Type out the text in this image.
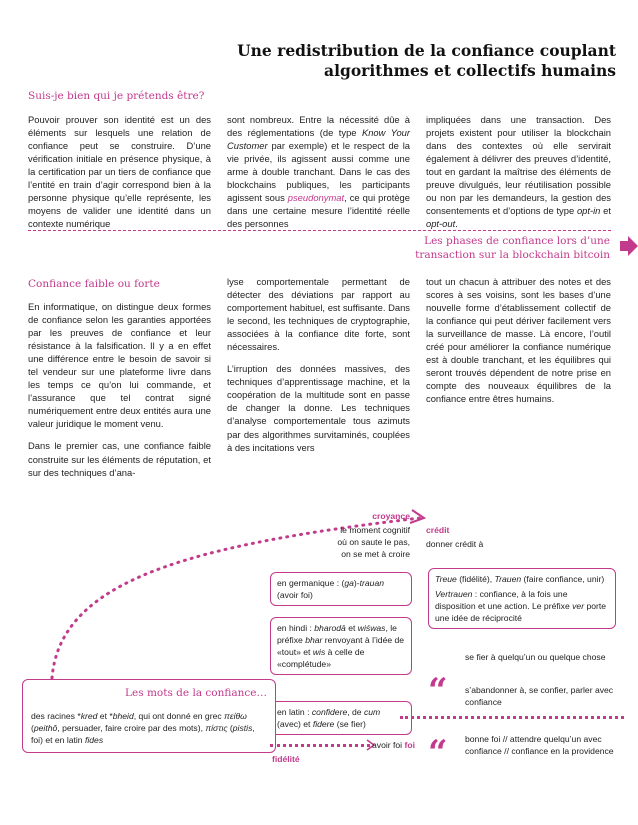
Une redistribution de la confiance couplant
algorithmes et collectifs humains
Suis-je bien qui je prétends être?
Pouvoir prouver son identité est un des éléments sur lesquels une relation de confiance peut se construire. D’une vérification initiale en présence physique, à la certification par un tiers de confiance que l’entité en train d’agir correspond bien à la personne physique qu’elle représente, les moyens de valider une identité dans un contexte numérique
sont nombreux. Entre la nécessité dûe à des réglementations (de type Know Your Customer par exemple) et le respect de la vie privée, ils agissent aussi comme une arme à double tranchant. Dans le cas des blockchains publiques, les participants agissent sous pseudonymat, ce qui protège dans une certaine mesure l’identité réelle des personnes
impliquées dans une transaction. Des projets existent pour utiliser la blockchain dans des contextes où elle servirait également à délivrer des preuves d’identité, tout en gardant la maîtrise des éléments de preuve divulgués, leur réutilisation possible ou non par les demandeurs, la gestion des consentements et d’options de type opt-in et opt-out.
Les phases de confiance lors d’une
transaction sur la blockchain bitcoin
Confiance faible ou forte

En informatique, on distingue deux formes de confiance selon les garanties apportées par les preuves de confiance et leur résistance à la falsification. Il y a en effet une différence entre le besoin de savoir si tel vendeur sur une plateforme livre dans les temps ce qu’on lui commande, et l’assurance que tel contrat signé numériquement entre deux entités aura une valeur juridique le moment venu.

Dans le premier cas, une confiance faible construite sur les éléments de réputation, et sur des techniques d’ana-

lyse comportementale permettant de détecter des déviations par rapport au comportement habituel, est suffisante. Dans le second, les techniques de cryptographie, associées à la confiance dite forte, sont nécessaires.

L’irruption des données massives, des techniques d’apprentissage machine, et la coopération de la multitude sont en passe de changer la donne. Les techniques d’analyse comportementale tous azimuts par des algorithmes survitaminés, couplées à des incitations vers

tout un chacun à attribuer des notes et des scores à ses voisins, sont les bases d’une nouvelle forme d’établissement collectif de la confiance qui peut dériver facilement vers la surveillance de masse. Là encore, l’outil créé pour améliorer la confiance numérique est à double tranchant, et les équilibres qui seront trouvés dépendent de notre prise en compte des nouveaux équilibres de la confiance entre êtres humains.
croyance
le moment cognitif
où on saute le pas,
on se met à croire
crédit
donner crédit à
en germanique : (ga)-trauan (avoir foi)
en hindi : bharodā et wiśwas, le préfixe bhar renvoyant à l’idée de «tout» et wis à celle de «complétude»
en latin : confidere, de cum (avec) et fidere (se fier)
Treue (fidélité), Trauen (faire confiance, unir)
Vertrauen : confiance, à la fois une disposition et une action. Le préfixe ver porte une idée de réciprocité
Les mots de la confiance…
des racines *kred et *bheid, qui ont donné en grec πείθω (peithô, persuader, faire croire par des mots), πίστις (pistis, foi) et en latin fides	avoir foi foi
fidélité
“
se fier à quelqu’un ou quelque chose
s’abandonner à, se confier, parler avec confiance
“ bonne foi // attendre quelqu’un avec confiance // confiance en la providence
